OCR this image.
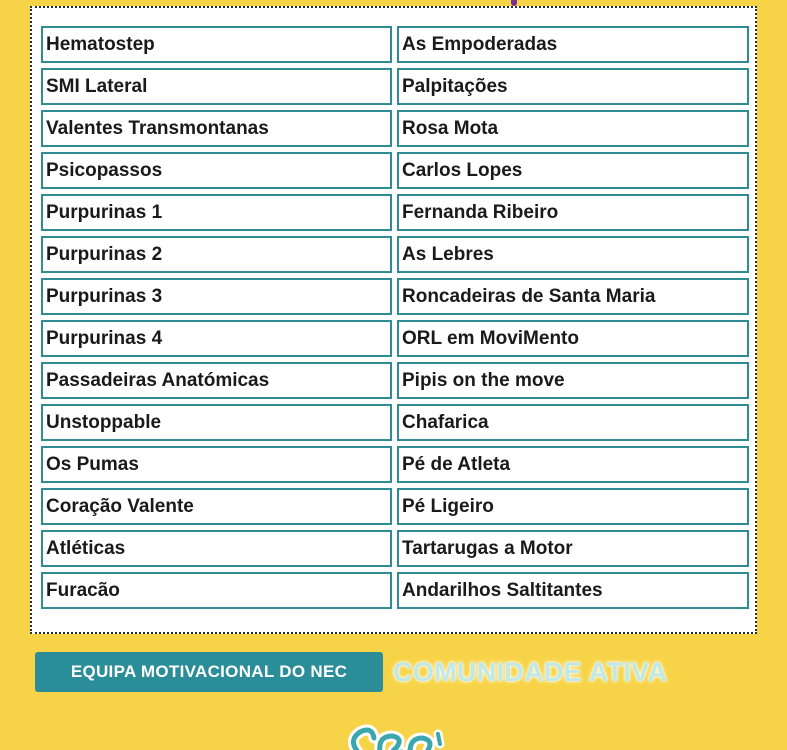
Hematostep	As Empoderadas
SMI Lateral	Palpitações
Valentes Transmontanas	Rosa Mota
Psicopassos	Carlos Lopes
Purpurinas 1	Fernanda Ribeiro
Purpurinas 2	As Lebres
Purpurinas 3	Roncadeiras de Santa Maria
Purpurinas 4	ORL em MoviMento
Passadeiras Anatómicas	Pipis on the move
Unstoppable	Chafarica
Os Pumas	Pé de Atleta
Coração Valente	Pé Ligeiro
Atléticas	Tartarugas a Motor
Furacão	Andarilhos Saltitantes
EQUIPA MOTIVACIONAL DO NEC	COMUNIDADE ATIVA
